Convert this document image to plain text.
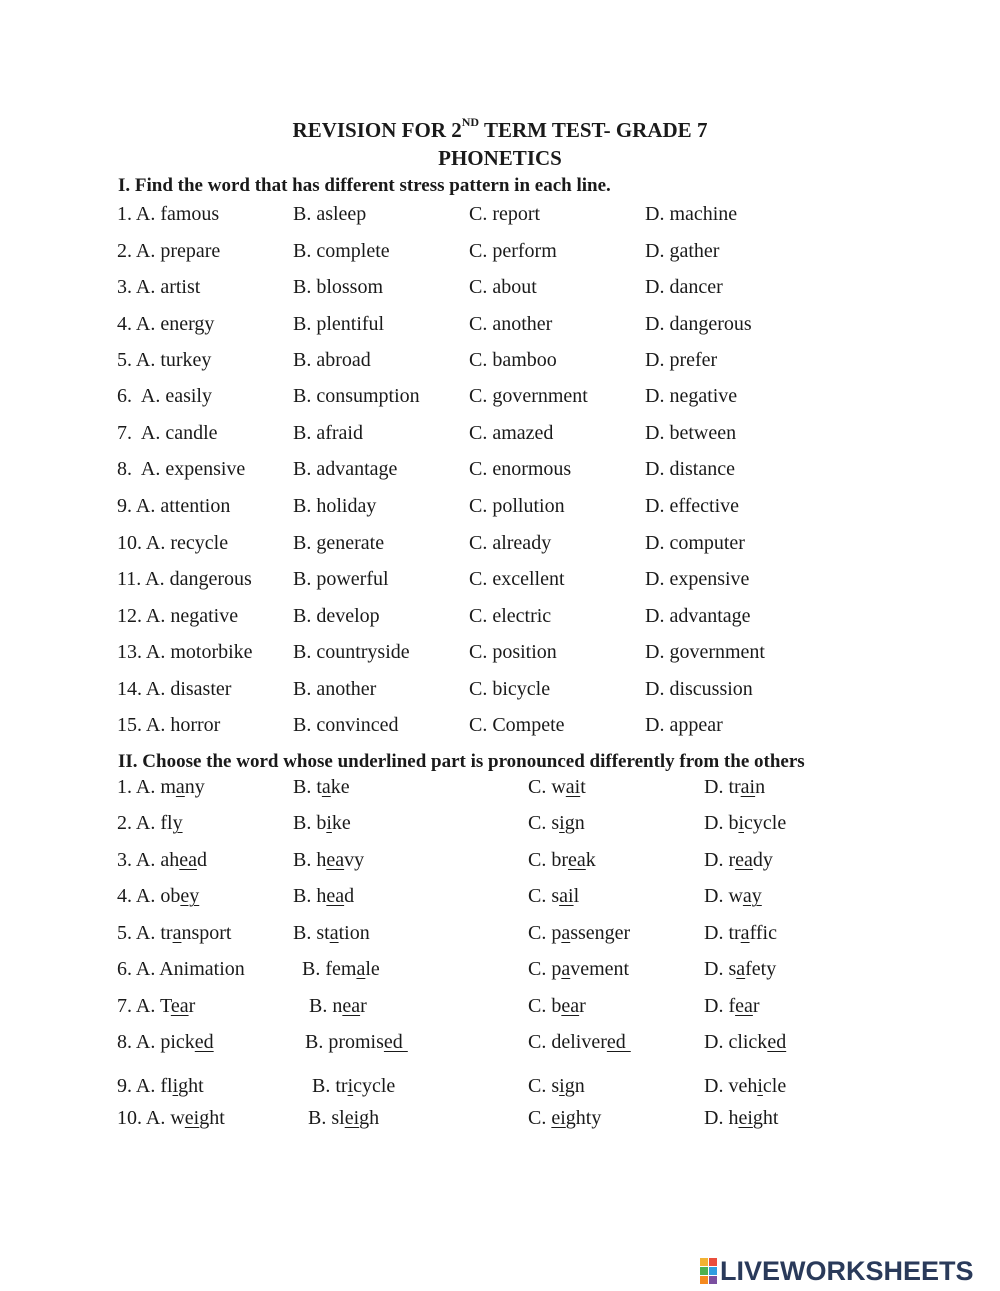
REVISION FOR 2ND TERM TEST- GRADE 7
PHONETICS
I. Find the word that has different stress pattern in each line.
1. A. famous	B. asleep	C. report	D. machine
2. A. prepare	B. complete	C. perform	D. gather
3. A. artist	B. blossom	C. about	D. dancer
4. A. energy	B. plentiful	C. another	D. dangerous
5. A. turkey	B. abroad	C. bamboo	D. prefer
6.  A. easily	B. consumption C. government	D. negative
7.  A. candle	B. afraid	C. amazed	D. between
8.  A. expensive B. advantage	C. enormous	D. distance
9. A. attention	B. holiday	C. pollution	D. effective
10. A. recycle	B. generate	C. already	D. computer
11. A. dangerous B. powerful	C. excellent	D. expensive
12. A. negative	B. develop	C. electric	D. advantage
13. A. motorbike B. countryside	C. position	D. government
14. A. disaster	B. another	C. bicycle	D. discussion
15. A. horror	B. convinced	C. Compete	D. appear
II. Choose the word whose underlined part is pronounced differently from the others
1. A. many	B. take	C. wait	D. train
2. A. fly	B. bike	C. sign	D. bicycle
3. A. ahead	B. heavy	C. break	D. ready
4. A. obey	B. head	C. sail	D. way
5. A. transport	B. station	C. passenger	D. traffic
6. A. Animation	B. female	C. pavement	D. safety
7. A. Tear	B. near	C. bear	D. fear
8. A. picked	B. promised	C. delivered	D. clicked
9. A. flight	B. tricycle	C. sign	D. vehicle
10. A. weight	B. sleigh	C. eighty	D. height
LIVEWORKSHEETS
